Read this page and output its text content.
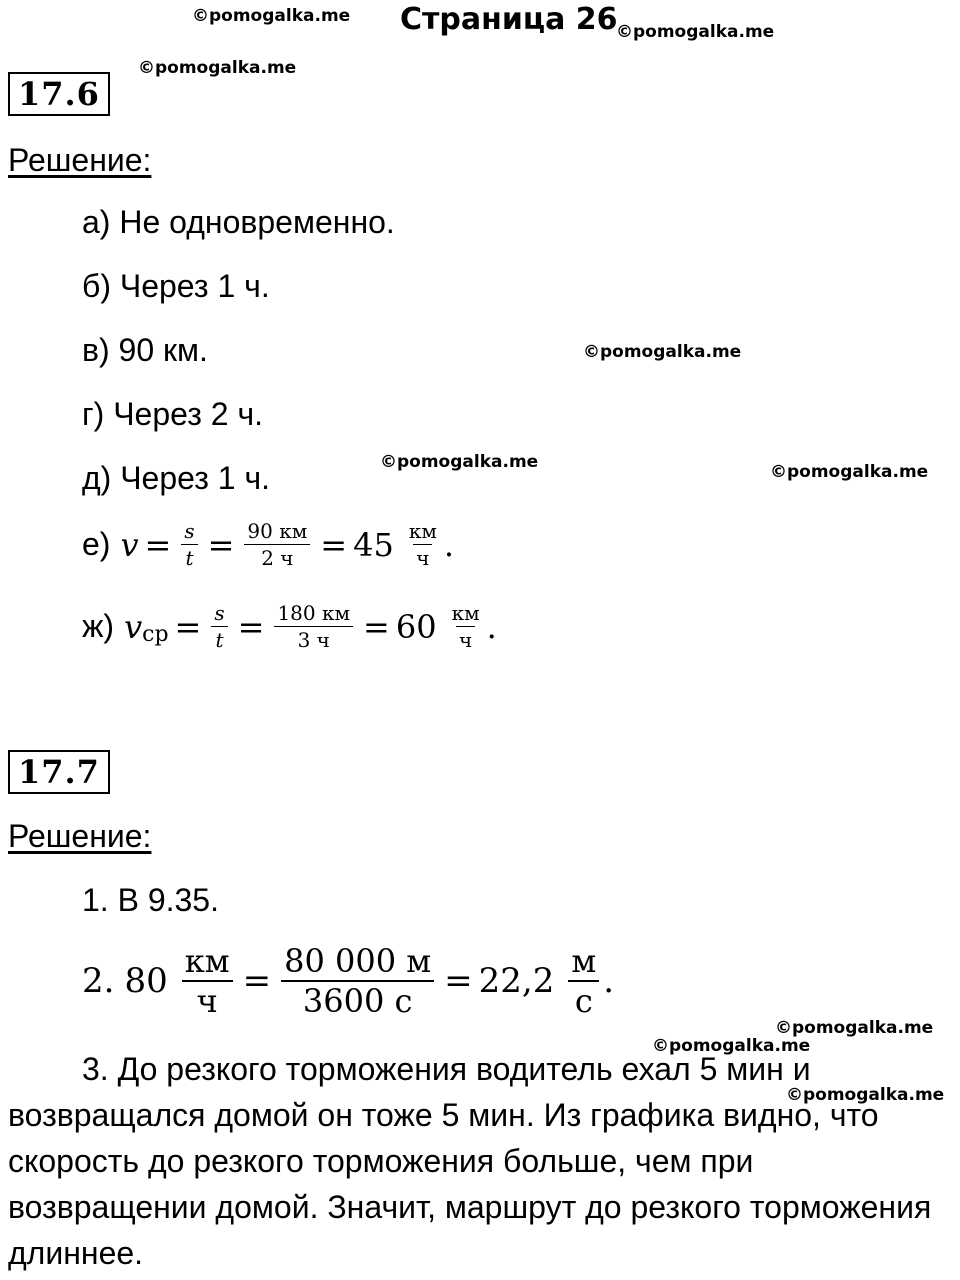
©pomogalka.me
©pomogalka.me
©pomogalka.me
©pomogalka.me
©pomogalka.me	©pomogalka.me
©pomogalka.me
©pomogalka.me
©pomogalka.me
Страница 26
17.6
Решение:
а) Не одновременно.
б) Через 1 ч.
в) 90 км.
г) Через 2 ч.
д) Через 1 ч.
е) $v = \frac{s}{t} = \frac{90 км}{2 ч} = 45 \frac{км}{ч}$ .
ж) v ср = $\frac{s}{t} = \frac{180 км}{3 ч} = 60 \frac{км}{ч}$ .
17.7
Решение:
1. В 9.35.
2. $80 \frac{км}{ч} = \frac{80 000 м}{3600 с} = 22,2 \frac{м}{с}$ .
3. До резкого торможения водитель ехал 5 мин и возвращался домой он тоже 5 мин. Из графика видно, что скорость до резкого торможения больше, чем при возвращении домой. Значит, маршрут до резкого торможения длиннее.
